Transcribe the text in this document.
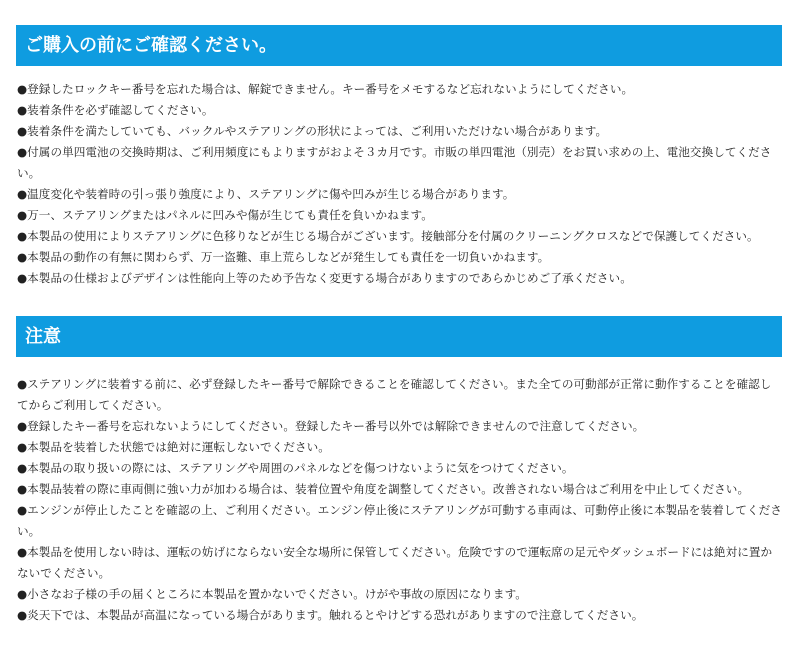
ご購入の前にご確認ください。
●登録したロックキー番号を忘れた場合は、解錠できません。キー番号をメモするなど忘れないようにしてください。
●装着条件を必ず確認してください。
●装着条件を満たしていても、バックルやステアリングの形状によっては、ご利用いただけない場合があります。
●付属の単四電池の交換時期は、ご利用頻度にもよりますがおよそ３カ月です。市販の単四電池（別売）をお買い求めの上、電池交換してください。
●温度変化や装着時の引っ張り強度により、ステアリングに傷や凹みが生じる場合があります。
●万一、ステアリングまたはパネルに凹みや傷が生じても責任を負いかねます。
●本製品の使用によりステアリングに色移りなどが生じる場合がございます。接触部分を付属のクリーニングクロスなどで保護してください。
●本製品の動作の有無に関わらず、万一盗難、車上荒らしなどが発生しても責任を一切負いかねます。
●本製品の仕様およびデザインは性能向上等のため予告なく変更する場合がありますのであらかじめご了承ください。
注意
●ステアリングに装着する前に、必ず登録したキー番号で解除できることを確認してください。また全ての可動部が正常に動作することを確認してからご利用してください。
●登録したキー番号を忘れないようにしてください。登録したキー番号以外では解除できませんので注意してください。
●本製品を装着した状態では絶対に運転しないでください。
●本製品の取り扱いの際には、ステアリングや周囲のパネルなどを傷つけないように気をつけてください。
●本製品装着の際に車両側に強い力が加わる場合は、装着位置や角度を調整してください。改善されない場合はご利用を中止してください。
●エンジンが停止したことを確認の上、ご利用ください。エンジン停止後にステアリングが可動する車両は、可動停止後に本製品を装着してください。
●本製品を使用しない時は、運転の妨げにならない安全な場所に保管してください。危険ですので運転席の足元やダッシュボードには絶対に置かないでください。
●小さなお子様の手の届くところに本製品を置かないでください。けがや事故の原因になります。
●炎天下では、本製品が高温になっている場合があります。触れるとやけどする恐れがありますので注意してください。
